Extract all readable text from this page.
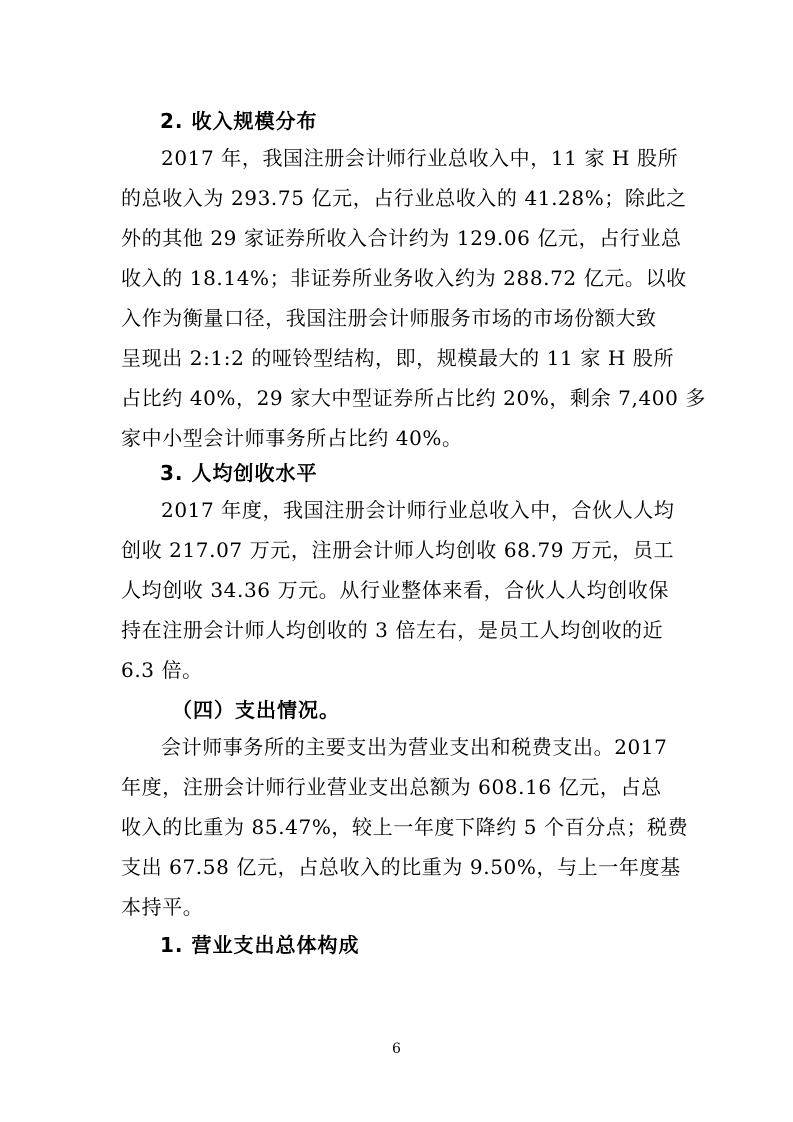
2. 收入规模分布
2017 年，我国注册会计师行业总收入中，11 家 H 股所
的总收入为 293.75 亿元，占行业总收入的 41.28%；除此之
外的其他 29 家证券所收入合计约为 129.06 亿元，占行业总
收入的 18.14%；非证券所业务收入约为 288.72 亿元。以收
入作为衡量口径，我国注册会计师服务市场的市场份额大致
呈现出 2:1:2 的哑铃型结构，即，规模最大的 11 家 H 股所
占比约 40%，29 家大中型证券所占比约 20%，剩余 7,400 多
家中小型会计师事务所占比约 40%。
3. 人均创收水平
2017 年度，我国注册会计师行业总收入中，合伙人人均
创收 217.07 万元，注册会计师人均创收 68.79 万元，员工
人均创收 34.36 万元。从行业整体来看，合伙人人均创收保
持在注册会计师人均创收的 3 倍左右，是员工人均创收的近
6.3 倍。
（四）支出情况。
会计师事务所的主要支出为营业支出和税费支出。2017
年度，注册会计师行业营业支出总额为 608.16 亿元，占总
收入的比重为 85.47%，较上一年度下降约 5 个百分点；税费
支出 67.58 亿元，占总收入的比重为 9.50%，与上一年度基
本持平。
1. 营业支出总体构成
6
